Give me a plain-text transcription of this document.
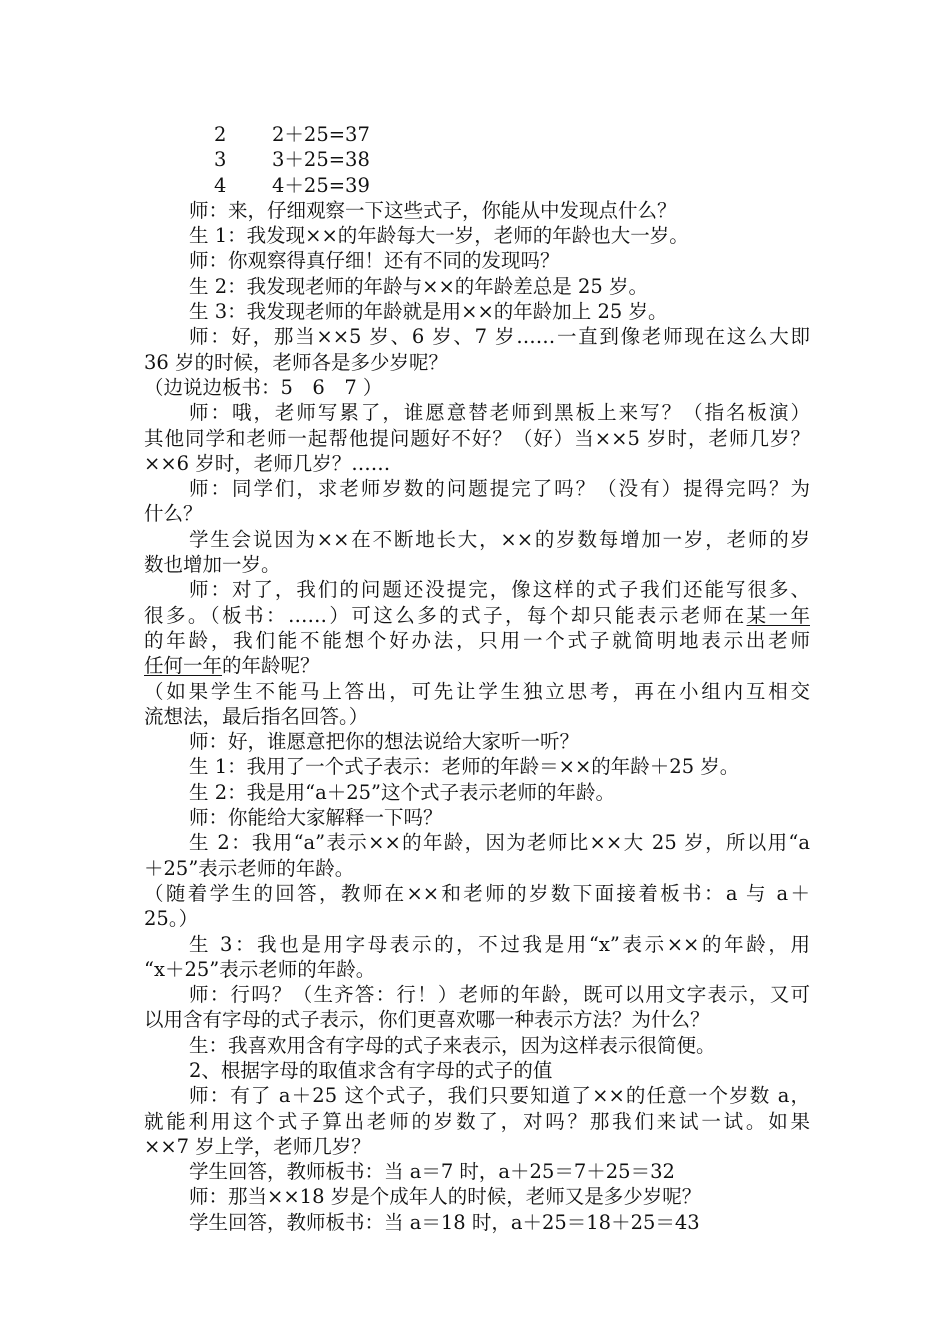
2 2＋25=37
3 3＋25=38
4 4＋25=39
师：来，仔细观察一下这些式子，你能从中发现点什么？
生 1：我发现××的年龄每大一岁，老师的年龄也大一岁。
师：你观察得真仔细！还有不同的发现吗？
生 2：我发现老师的年龄与××的年龄差总是 25 岁。
生 3：我发现老师的年龄就是用××的年龄加上 25 岁。
师：好，那当××5 岁、6 岁、7 岁……一直到像老师现在这么大即
36 岁的时候，老师各是多少岁呢？
（边说边板书：5　6　7 ）
师：哦，老师写累了，谁愿意替老师到黑板上来写？（指名板演）
其他同学和老师一起帮他提问题好不好？（好）当××5 岁时，老师几岁？
××6 岁时，老师几岁？……
师：同学们，求老师岁数的问题提完了吗？（没有）提得完吗？为
什么？
学生会说因为××在不断地长大，××的岁数每增加一岁，老师的岁
数也增加一岁。
师：对了，我们的问题还没提完，像这样的式子我们还能写很多、
很多。（板书：……）可这么多的式子，每个却只能表示老师在某一年
的年龄，我们能不能想个好办法，只用一个式子就简明地表示出老师
任何一年的年龄呢？
（如果学生不能马上答出，可先让学生独立思考，再在小组内互相交
流想法，最后指名回答。）
师：好，谁愿意把你的想法说给大家听一听？
生 1：我用了一个式子表示：老师的年龄＝××的年龄＋25 岁。
生 2：我是用“a＋25”这个式子表示老师的年龄。
师：你能给大家解释一下吗？
生 2：我用“a”表示××的年龄，因为老师比××大 25 岁，所以用“a
＋25”表示老师的年龄。
（随着学生的回答，教师在××和老师的岁数下面接着板书：a 与 a＋
25。）
生 3：我也是用字母表示的，不过我是用“x”表示××的年龄，用
“x＋25”表示老师的年龄。
师：行吗？（生齐答：行！）老师的年龄，既可以用文字表示，又可
以用含有字母的式子表示，你们更喜欢哪一种表示方法？为什么？
生：我喜欢用含有字母的式子来表示，因为这样表示很简便。
2、根据字母的取值求含有字母的式子的值
师：有了 a＋25 这个式子，我们只要知道了××的任意一个岁数 a，
就能利用这个式子算出老师的岁数了，对吗？那我们来试一试。如果
××7 岁上学，老师几岁？
学生回答，教师板书：当 a＝7 时，a＋25＝7＋25＝32
师：那当××18 岁是个成年人的时候，老师又是多少岁呢？
学生回答，教师板书：当 a＝18 时，a＋25＝18＋25＝43
